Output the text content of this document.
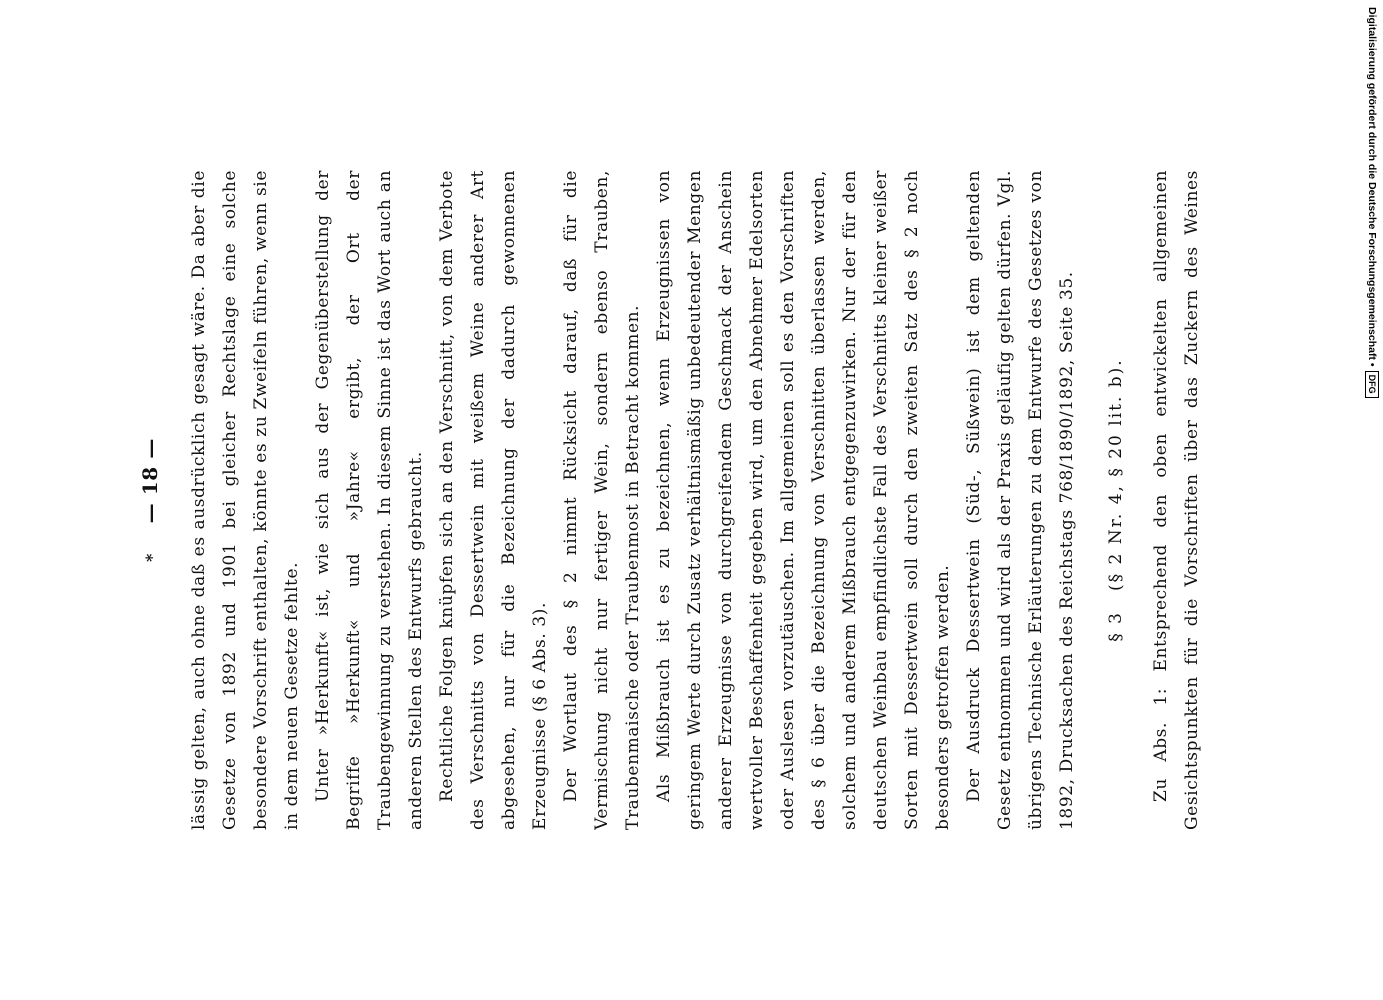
* — 18 —	lässig gelten, auch ohne daß es ausdrücklich gesagt wäre. Da aber die Gesetze von 1892 und 1901 bei gleicher Rechtslage eine solche besondere Vorschrift enthalten, könnte es zu Zweifeln führen, wenn sie in dem neuen Gesetze fehlte. Unter »Herkunft« ist, wie sich aus der Gegenüberstellung der Begriffe »Herkunft« und »Jahre« ergibt, der Ort der Traubengewinnung zu verstehen. In diesem Sinne ist das Wort auch an anderen Stellen des Entwurfs gebraucht. Rechtliche Folgen knüpfen sich an den Verschnitt, von dem Verbote des Verschnitts von Dessertwein mit weißem Weine anderer Art abgesehen, nur für die Bezeichnung der dadurch gewonnenen Erzeugnisse (§ 6 Abs. 3). Der Wortlaut des § 2 nimmt Rücksicht darauf, daß für die Vermischung nicht nur fertiger Wein, sondern ebenso Trauben, Traubenmaische oder Traubenmost in Betracht kommen. Als Mißbrauch ist es zu bezeichnen, wenn Erzeugnissen von geringem Werte durch Zusatz verhältnismäßig unbedeutender Mengen anderer Erzeugnisse von durchgreifendem Geschmack der Anschein wertvoller Beschaffenheit gegeben wird, um den Abnehmer Edelsorten oder Auslesen vorzutäuschen. Im allgemeinen soll es den Vorschriften des § 6 über die Bezeichnung von Verschnitten überlassen werden, solchem und anderem Mißbrauch entgegenzuwirken. Nur der für den deutschen Weinbau empfindlichste Fall des Verschnitts kleiner weißer Sorten mit Dessertwein soll durch den zweiten Satz des § 2 noch besonders getroffen werden. Der Ausdruck Dessertwein (Süd-, Süßwein) ist dem geltenden Gesetz entnommen und wird als der Praxis geläufig gelten dürfen. Vgl. übrigens Technische Erläuterungen zu dem Entwurfe des Gesetzes von 1892, Drucksachen des Reichstags 768/1890/1892, Seite 35.	§ 3(§ 2 Nr. 4, § 20 lit. b).

Zu Abs. 1: Entsprechend den oben entwickelten allgemeinen Gesichtspunkten für die Vorschriften über das Zuckern des Weines	Digitalisierung gefördert durch die Deutsche Forschungsgemeinschaft •DFG
